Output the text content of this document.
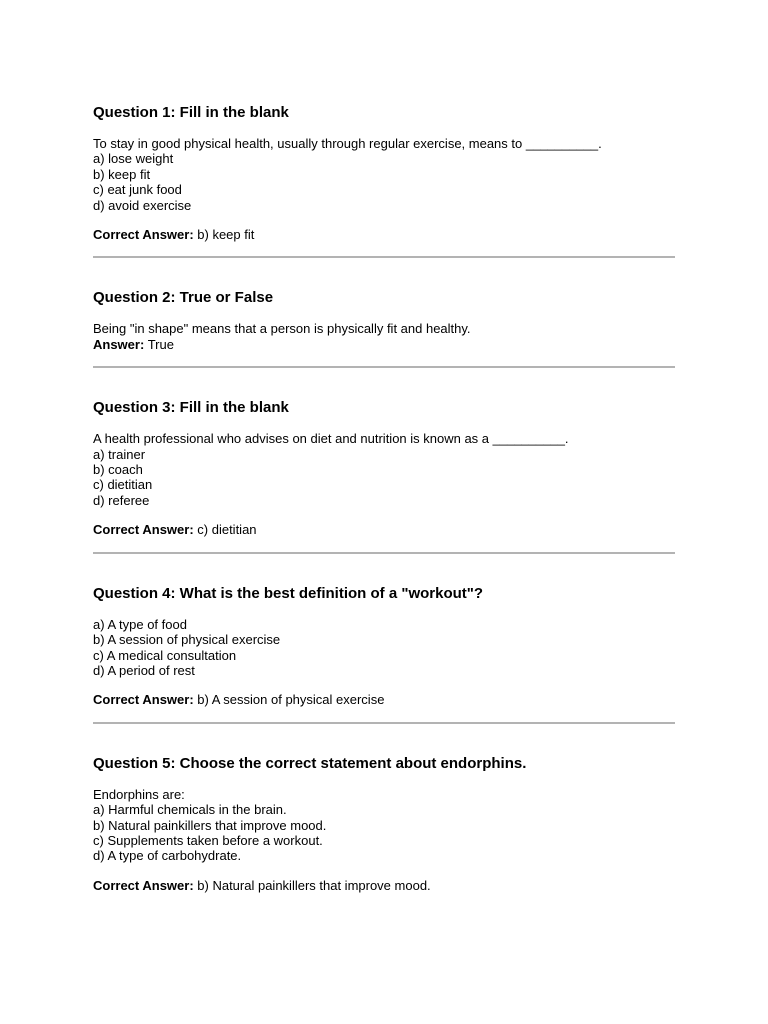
Question 1: Fill in the blank

To stay in good physical health, usually through regular exercise, means to __________.

a) lose weight

b) keep fit

c) eat junk food

d) avoid exercise

Correct Answer: b) keep fit

Question 2: True or False

Being "in shape" means that a person is physically fit and healthy.

Answer: True

Question 3: Fill in the blank

A health professional who advises on diet and nutrition is known as a __________.

a) trainer

b) coach

c) dietitian

d) referee

Correct Answer: c) dietitian

Question 4: What is the best definition of a "workout"?

a) A type of food

b) A session of physical exercise

c) A medical consultation

d) A period of rest

Correct Answer: b) A session of physical exercise

Question 5: Choose the correct statement about endorphins.

Endorphins are:

a) Harmful chemicals in the brain.

b) Natural painkillers that improve mood.

c) Supplements taken before a workout.

d) A type of carbohydrate.

Correct Answer: b) Natural painkillers that improve mood.
